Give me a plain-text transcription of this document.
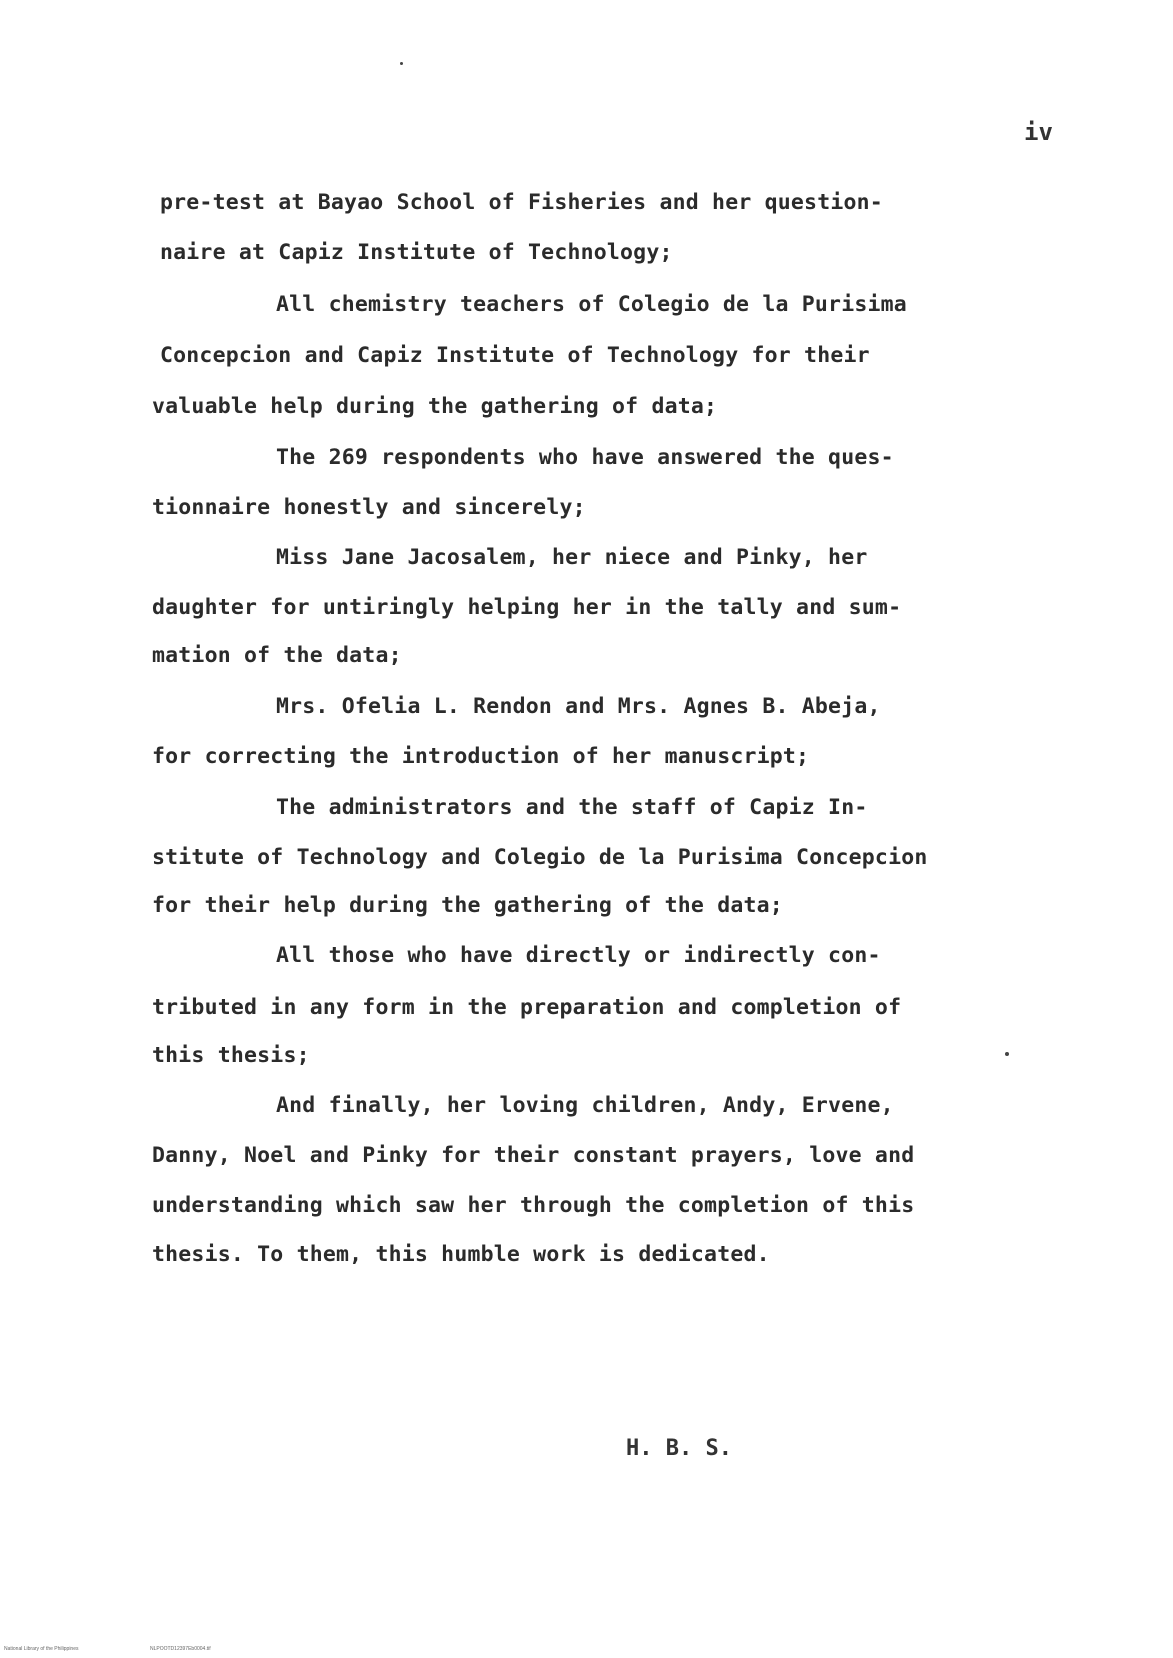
iv
pre-test at Bayao School of Fisheries and her question-
naire at Capiz Institute of Technology;
All chemistry teachers of Colegio de la Purisima
Concepcion and Capiz Institute of Technology for their
valuable help during the gathering of data;
The 269 respondents who have answered the ques-
tionnaire honestly and sincerely;
Miss Jane Jacosalem, her niece and Pinky, her
daughter for untiringly helping her in the tally and sum-
mation of the data;
Mrs. Ofelia L. Rendon and Mrs. Agnes B. Abeja,
for correcting the introduction of her manuscript;
The administrators and the staff of Capiz In-
stitute of Technology and Colegio de la Purisima Concepcion
for their help during the gathering of the data;
All those who have directly or indirectly con-
tributed in any form in the preparation and completion of
this thesis;
And finally, her loving children, Andy, Ervene,
Danny, Noel and Pinky for their constant prayers, love and
understanding which saw her through the completion of this
thesis. To them, this humble work is dedicated.
H. B. S.
National Library of the Philippines	NLPOOTD12397Eb0004.tif
